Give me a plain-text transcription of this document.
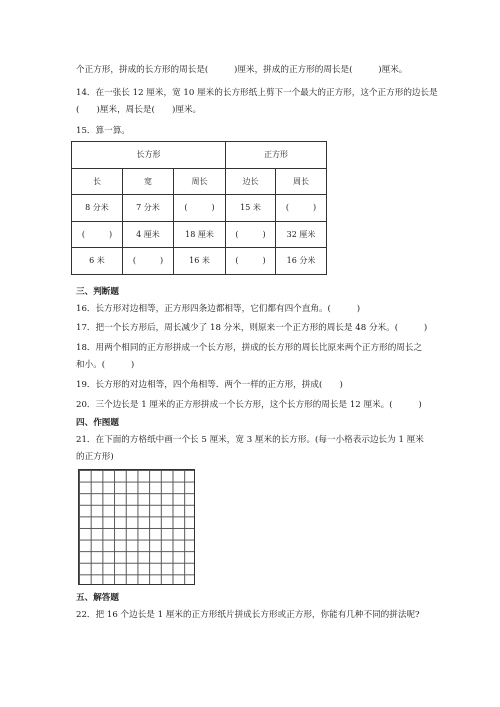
个正方形，拼成的长方形的周长是(　　　)厘米，拼成的正方形的周长是(　　　)厘米。
14．在一张长 12 厘米，宽 10 厘米的长方形纸上剪下一个最大的正方形，这个正方形的边长是
(　　)厘米，周长是(　　)厘米。
15．算一算。
长方形			正方形	
长	宽	周长	边长	周长
8 分米	7 分米	(　　　)	15 米	(　　　)
(　　　)	4 厘米	18 厘米	(　　　)	32 厘米
6 米	(　　　)	16 米	(　　　)	16 分米
三、判断题
16．长方形对边相等，正方形四条边都相等，它们都有四个直角。(　　　)
17．把一个长方形后，周长减少了 18 分米，则原来一个正方形的周长是 48 分米。(　　　)
18．用两个相同的正方形拼成一个长方形，拼成的长方形的周长比原来两个正方形的周长之
和小。(　　　)
19．长方形的对边相等，四个角相等．两个一样的正方形，拼成(　　)
20．三个边长是 1 厘米的正方形拼成一个长方形，这个长方形的周长是 12 厘米。(　　　)
四、作图题
21．在下面的方格纸中画一个长 5 厘米，宽 3 厘米的长方形。(每一小格表示边长为 1 厘米
的正方形)
五、解答题
22．把 16 个边长是 1 厘米的正方形纸片拼成长方形或正方形，你能有几种不同的拼法呢?
